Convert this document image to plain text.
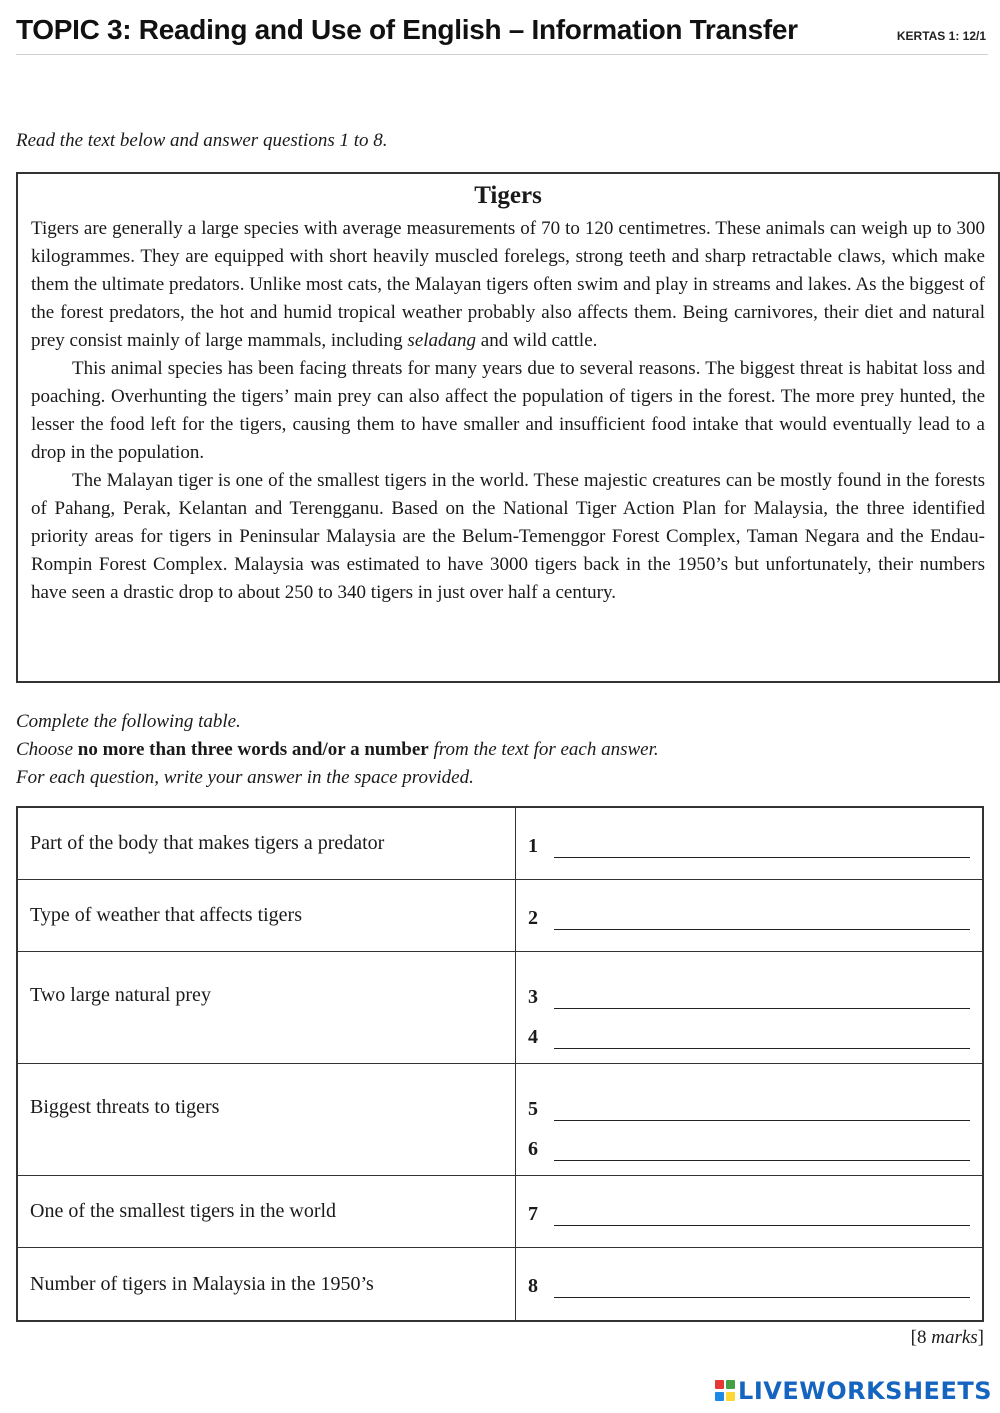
TOPIC 3: Reading and Use of English – Information Transfer	KERTAS 1: 12/1
Read the text below and answer questions 1 to 8.
Tigers

Tigers are generally a large species with average measurements of 70 to 120 centimetres. These animals can weigh up to 300 kilogrammes. They are equipped with short heavily muscled forelegs, strong teeth and sharp retractable claws, which make them the ultimate predators. Unlike most cats, the Malayan tigers often swim and play in streams and lakes. As the biggest of the forest predators, the hot and humid tropical weather probably also affects them. Being carnivores, their diet and natural prey consist mainly of large mammals, including seladang and wild cattle.

This animal species has been facing threats for many years due to several reasons. The biggest threat is habitat loss and poaching. Overhunting the tigers’ main prey can also affect the population of tigers in the forest. The more prey hunted, the lesser the food left for the tigers, causing them to have smaller and insufficient food intake that would eventually lead to a drop in the population.

The Malayan tiger is one of the smallest tigers in the world. These majestic creatures can be mostly found in the forests of Pahang, Perak, Kelantan and Terengganu. Based on the National Tiger Action Plan for Malaysia, the three identified priority areas for tigers in Peninsular Malaysia are the Belum-Temenggor Forest Complex, Taman Negara and the Endau-Rompin Forest Complex. Malaysia was estimated to have 3000 tigers back in the 1950’s but unfortunately, their numbers have seen a drastic drop to about 250 to 340 tigers in just over half a century.

Complete the following table.
Choose no more than three words and/or a number from the text for each answer.
For each question, write your answer in the space provided.
Part of the body that makes tigers a predator	1
Type of weather that affects tigers	2
Two large natural prey	3
4
Biggest threats to tigers	5
6
One of the smallest tigers in the world	7
Number of tigers in Malaysia in the 1950’s	8
[8 marks]
LIVEWORKSHEETS
